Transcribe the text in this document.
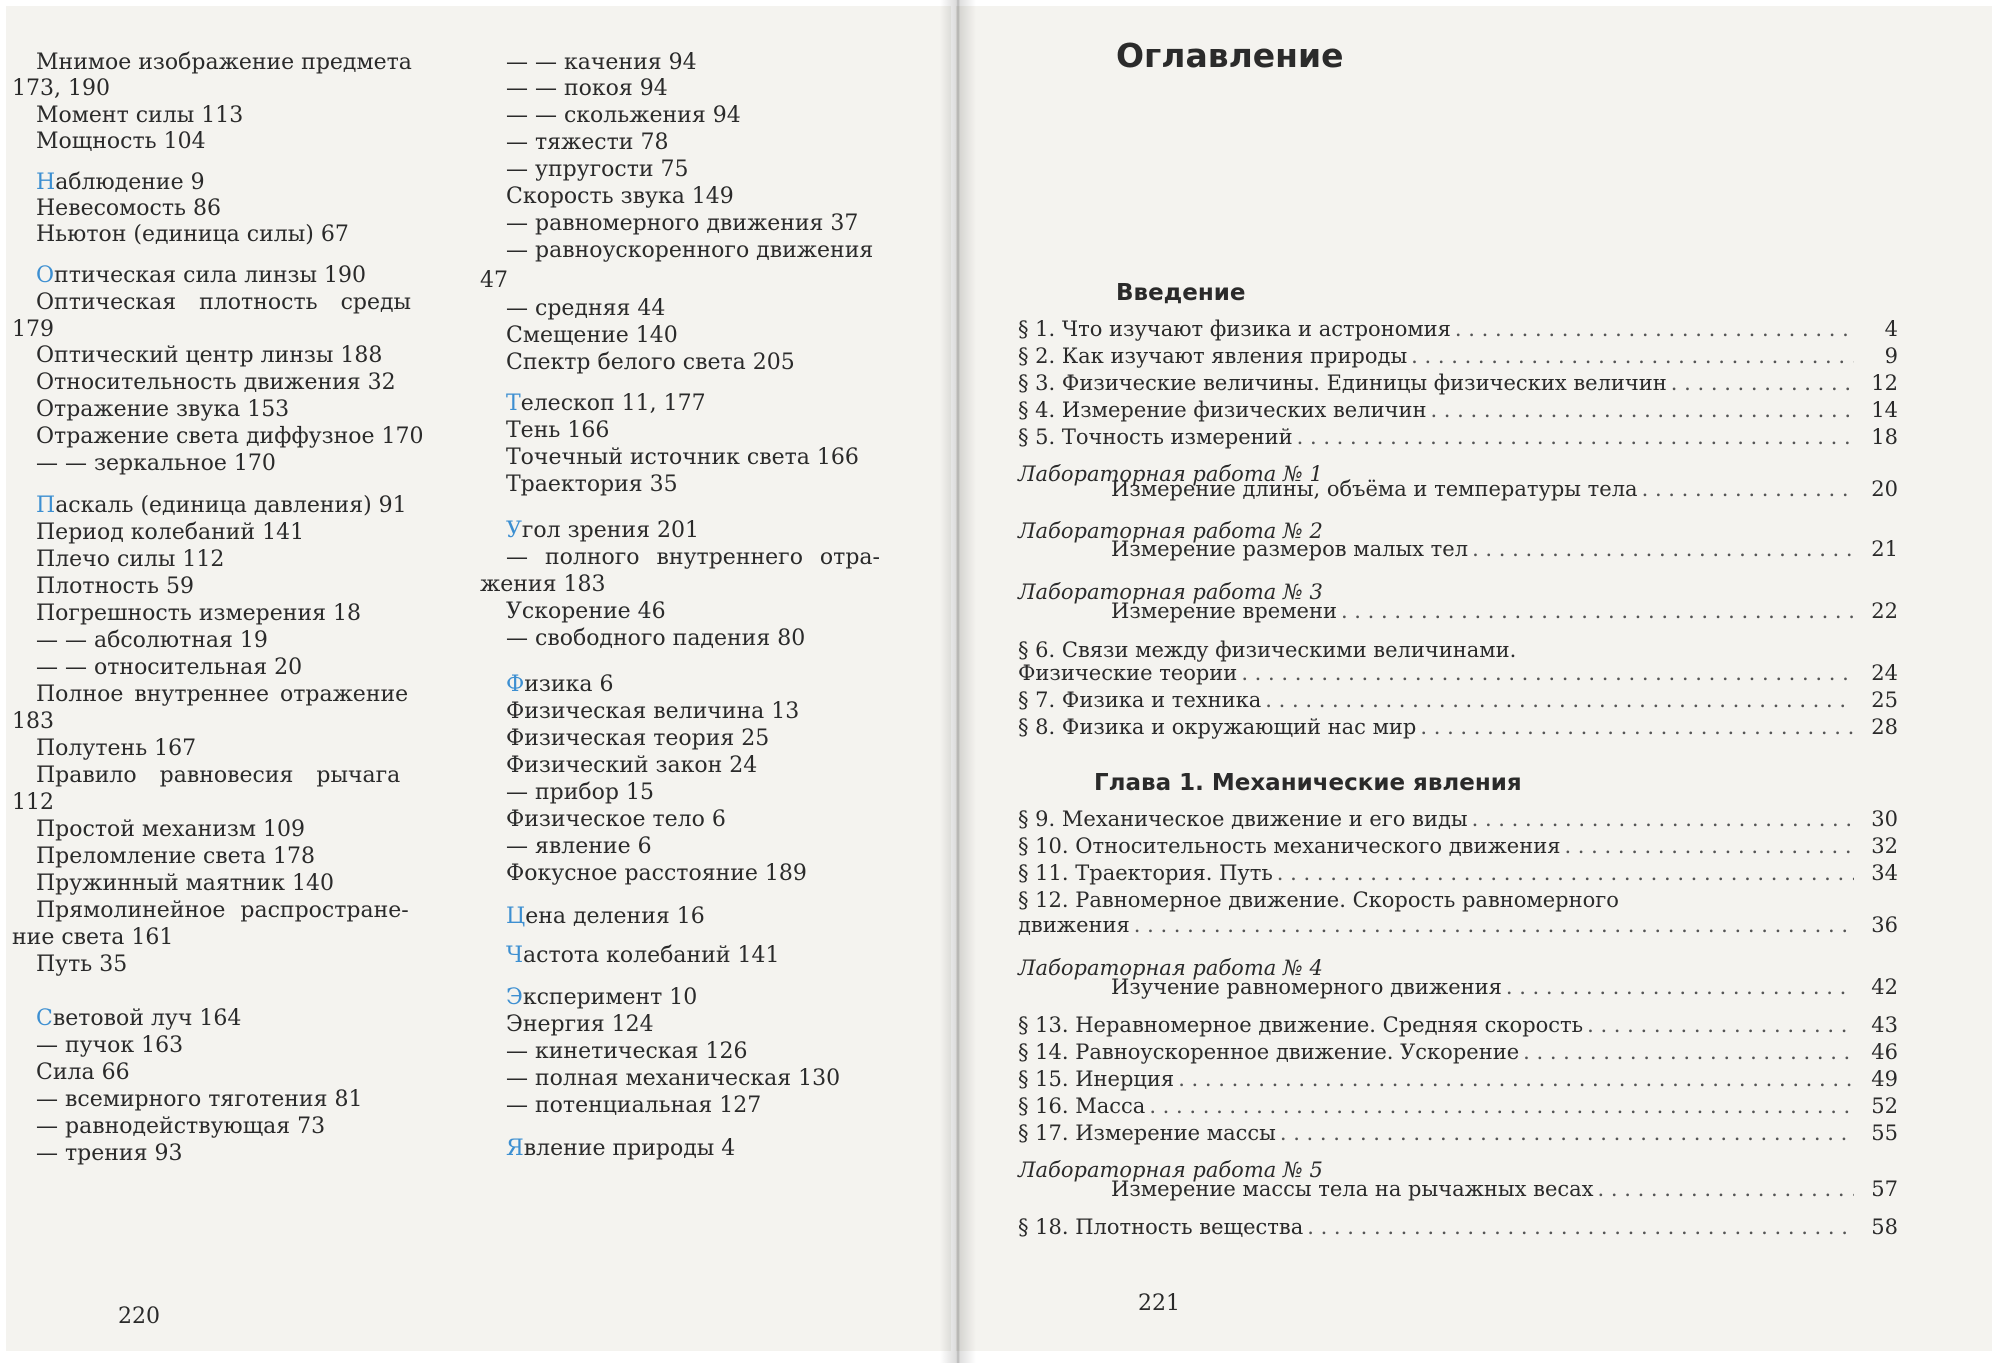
Мнимое изображение предмета
173, 190
Момент силы 113
Мощность 104
Наблюдение 9
Невесомость 86
Ньютон (единица силы) 67
Оптическая сила линзы 190
Оптическая плотность среды
179
Оптический центр линзы 188
Относительность движения 32
Отражение звука 153
Отражение света диффузное 170
— — зеркальное 170
Паскаль (единица давления) 91
Период колебаний 141
Плечо силы 112
Плотность 59
Погрешность измерения 18
— — абсолютная 19
— — относительная 20
Полное внутреннее отражение
183
Полутень 167
Правило равновесия рычага
112
Простой механизм 109
Преломление света 178
Пружинный маятник 140
Прямолинейное распростране-
ние света 161
Путь 35
Световой луч 164
— пучок 163
Сила 66
— всемирного тяготения 81
— равнодействующая 73
— трения 93
— — качения 94
— — покоя 94
— — скольжения 94
— тяжести 78
— упругости 75
Скорость звука 149
— равномерного движения 37
— равноускоренного движения
47
— средняя 44
Смещение 140
Спектр белого света 205
Телескоп 11, 177
Тень 166
Точечный источник света 166
Траектория 35
Угол зрения 201
— полного внутреннего отра-
жения 183
Ускорение 46
— свободного падения 80
Физика 6
Физическая величина 13
Физическая теория 25
Физический закон 24
— прибор 15
Физическое тело 6
— явление 6
Фокусное расстояние 189
Цена деления 16
Частота колебаний 141
Эксперимент 10
Энергия 124
— кинетическая 126
— полная механическая 130
— потенциальная 127
Явление природы 4
220
Оглавление
Введение
§ 1. Что изучают физика и астрономия . . .	4
§ 2. Как изучают явления природы . . .	9
§ 3. Физические величины. Единицы физических величин . . .	12
§ 4. Измерение физических величин . . .	14
§ 5. Точность измерений . . .	18
Лабораторная работа № 1
Измерение длины, объёма и температуры тела . . .	20
Лабораторная работа № 2
Измерение размеров малых тел . . .	21
Лабораторная работа № 3
Измерение времени . . .	22
§ 6. Связи между физическими величинами.
Физические теории . . .	24
§ 7. Физика и техника . . .	25
§ 8. Физика и окружающий нас мир . . .	28
Глава 1. Механические явления
§ 9. Механическое движение и его виды . . .	30
§ 10. Относительность механического движения . . .	32
§ 11. Траектория. Путь . . .	34
§ 12. Равномерное движение. Скорость равномерного
движения . . .	36
Лабораторная работа № 4
Изучение равномерного движения . . .	42
§ 13. Неравномерное движение. Средняя скорость . . .	43
§ 14. Равноускоренное движение. Ускорение . . .	46
§ 15. Инерция . . .	49
§ 16. Масса . . .	52
§ 17. Измерение массы . . .	55
Лабораторная работа № 5
Измерение массы тела на рычажных весах . . .	57
§ 18. Плотность вещества . . .	58
221
